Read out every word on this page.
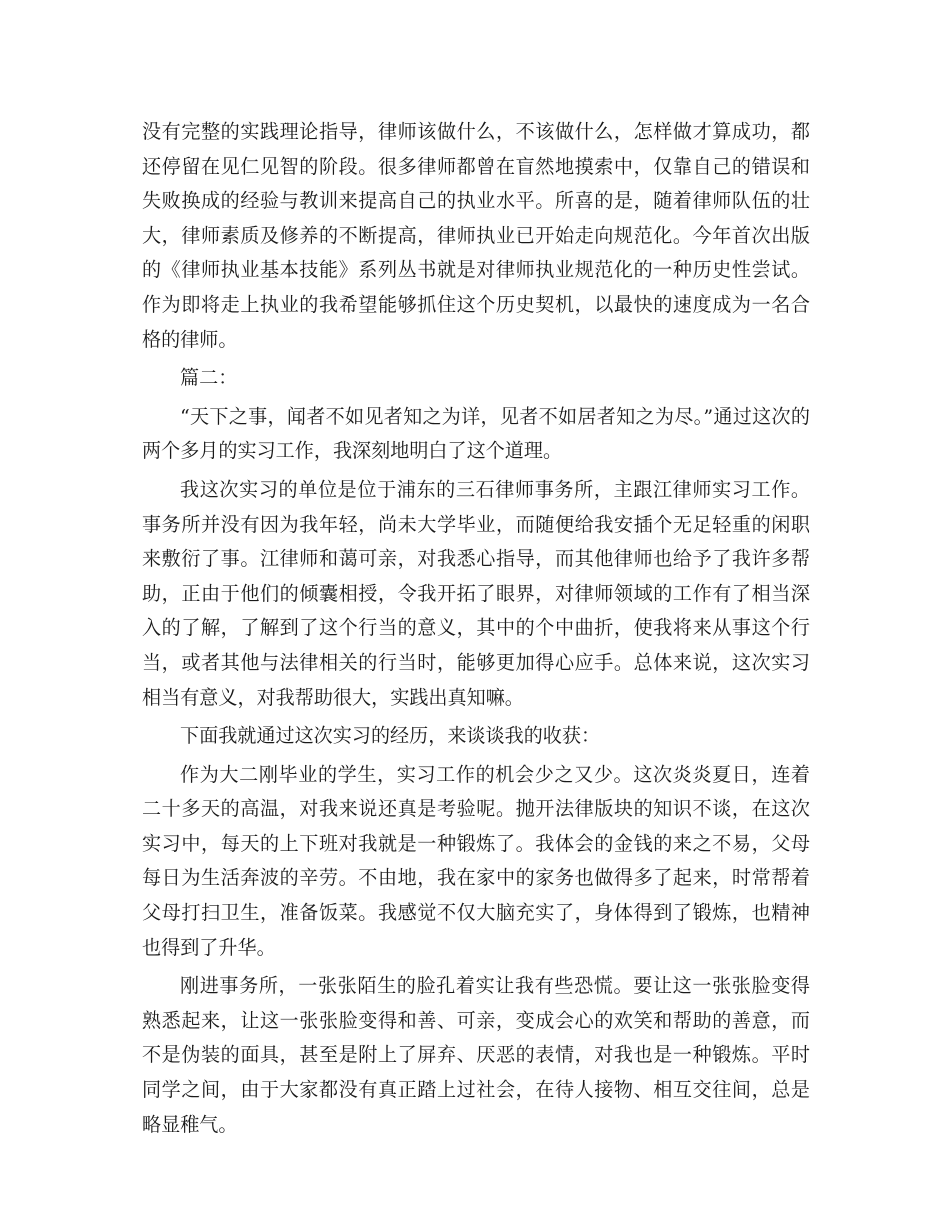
没有完整的实践理论指导，律师该做什么，不该做什么，怎样做才算成功，都还停留在见仁见智的阶段。很多律师都曾在盲然地摸索中，仅靠自己的错误和失败换成的经验与教训来提高自己的执业水平。所喜的是，随着律师队伍的壮大，律师素质及修养的不断提高，律师执业已开始走向规范化。今年首次出版的《律师执业基本技能》系列丛书就是对律师执业规范化的一种历史性尝试。作为即将走上执业的我希望能够抓住这个历史契机，以最快的速度成为一名合格的律师。

篇二：

“天下之事，闻者不如见者知之为详，见者不如居者知之为尽。”通过这次的两个多月的实习工作，我深刻地明白了这个道理。

我这次实习的单位是位于浦东的三石律师事务所，主跟江律师实习工作。事务所并没有因为我年轻，尚未大学毕业，而随便给我安插个无足轻重的闲职来敷衍了事。江律师和蔼可亲，对我悉心指导，而其他律师也给予了我许多帮助，正由于他们的倾囊相授，令我开拓了眼界，对律师领域的工作有了相当深入的了解，了解到了这个行当的意义，其中的个中曲折，使我将来从事这个行当，或者其他与法律相关的行当时，能够更加得心应手。总体来说，这次实习相当有意义，对我帮助很大，实践出真知嘛。

下面我就通过这次实习的经历，来谈谈我的收获：

作为大二刚毕业的学生，实习工作的机会少之又少。这次炎炎夏日，连着二十多天的高温，对我来说还真是考验呢。抛开法律版块的知识不谈，在这次实习中，每天的上下班对我就是一种锻炼了。我体会的金钱的来之不易，父母每日为生活奔波的辛劳。不由地，我在家中的家务也做得多了起来，时常帮着父母打扫卫生，准备饭菜。我感觉不仅大脑充实了，身体得到了锻炼，也精神也得到了升华。

刚进事务所，一张张陌生的脸孔着实让我有些恐慌。要让这一张张脸变得熟悉起来，让这一张张脸变得和善、可亲，变成会心的欢笑和帮助的善意，而不是伪装的面具，甚至是附上了屏弃、厌恶的表情，对我也是一种锻炼。平时同学之间，由于大家都没有真正踏上过社会，在待人接物、相互交往间，总是略显稚气。
